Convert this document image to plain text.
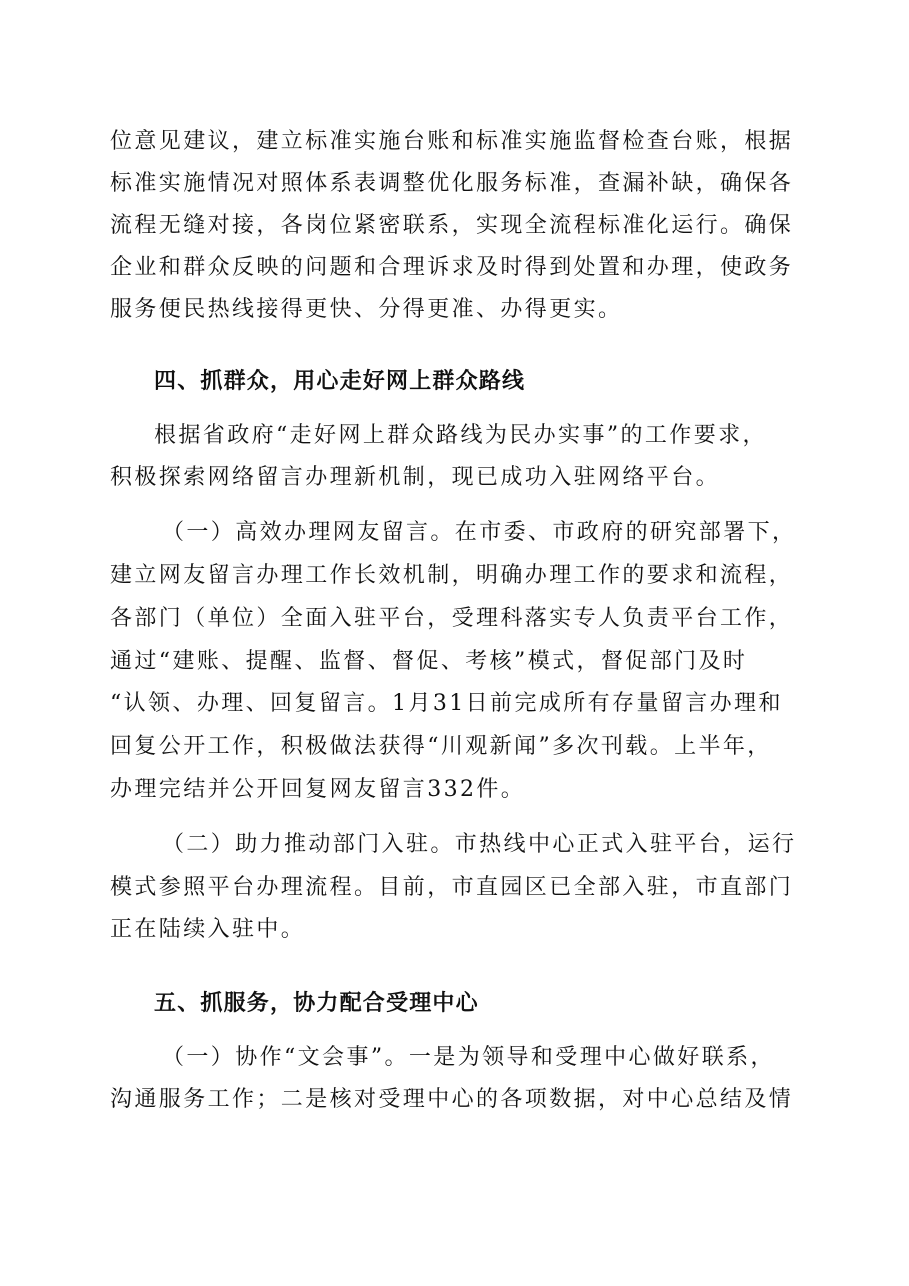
位意见建议，建立标准实施台账和标准实施监督检查台账，根据
标准实施情况对照体系表调整优化服务标准，查漏补缺，确保各
流程无缝对接，各岗位紧密联系，实现全流程标准化运行。确保
企业和群众反映的问题和合理诉求及时得到处置和办理，使政务
服务便民热线接得更快、分得更准、办得更实。
四、抓群众，用心走好网上群众路线
根据省政府“走好网上群众路线为民办实事”的工作要求，
积极探索网络留言办理新机制，现已成功入驻网络平台。
（一）高效办理网友留言。在市委、市政府的研究部署下，
建立网友留言办理工作长效机制，明确办理工作的要求和流程，
各部门（单位）全面入驻平台，受理科落实专人负责平台工作，
通过“建账、提醒、监督、督促、考核”模式，督促部门及时
“认领、办理、回复留言。1月31日前完成所有存量留言办理和
回复公开工作，积极做法获得“川观新闻”多次刊载。上半年，
办理完结并公开回复网友留言332件。
（二）助力推动部门入驻。市热线中心正式入驻平台，运行
模式参照平台办理流程。目前，市直园区已全部入驻，市直部门
正在陆续入驻中。
五、抓服务，协力配合受理中心
（一）协作“文会事”。一是为领导和受理中心做好联系，
沟通服务工作；二是核对受理中心的各项数据，对中心总结及情
